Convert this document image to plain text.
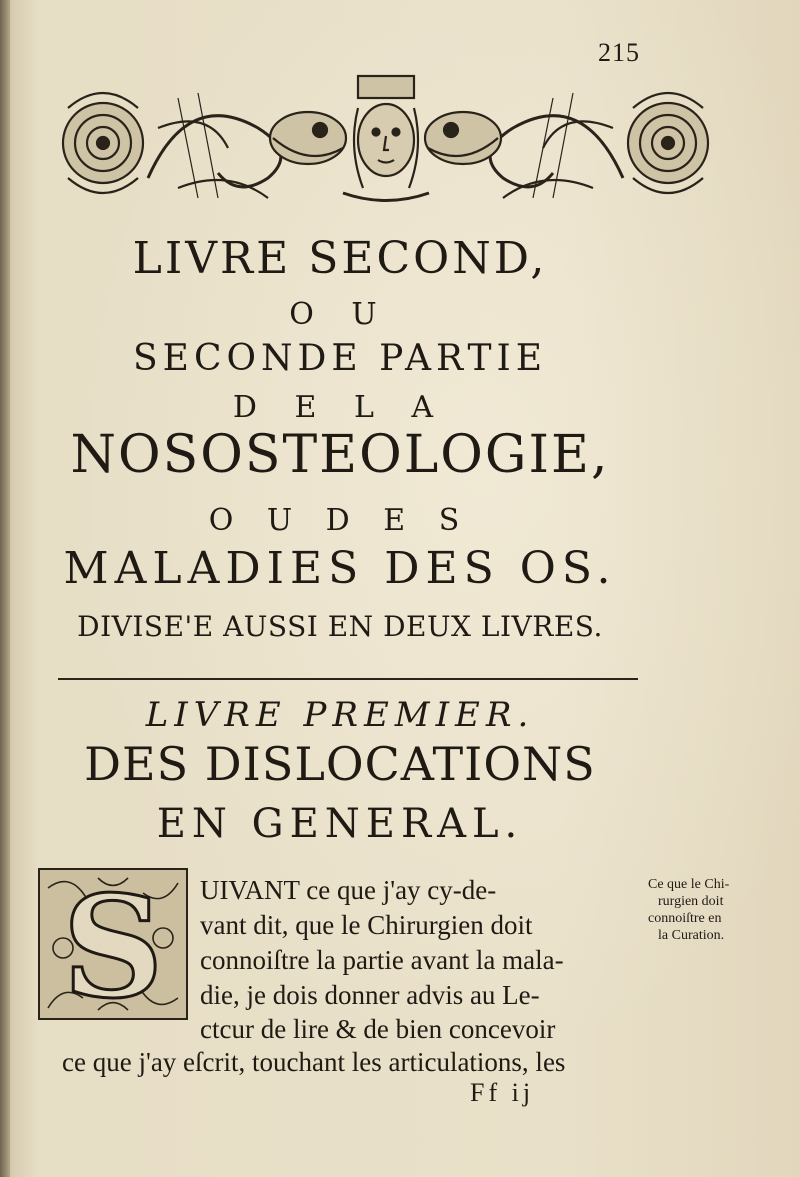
215
LIVRE SECOND,
O U
SECONDE PARTIE
D E L A
NOSOSTEOLOGIE,
O U D E S
MALADIES DES OS.
DIVISE'E AUSSI EN DEUX LIVRES.
LIVRE PREMIER.
DES DISLOCATIONS
EN GENERAL.
S UIVANT ce que j'ay cy-de-
vant dit, que le Chirurgien doit
connoiſtre la partie avant la mala-
die, je dois donner advis au Le-
ctcur de lire & de bien concevoir
ce que j'ay eſcrit, touchant les articulations, les
Ce que le Chi-
rurgien doit
connoiſtre en
la Curation.
Ff ij
